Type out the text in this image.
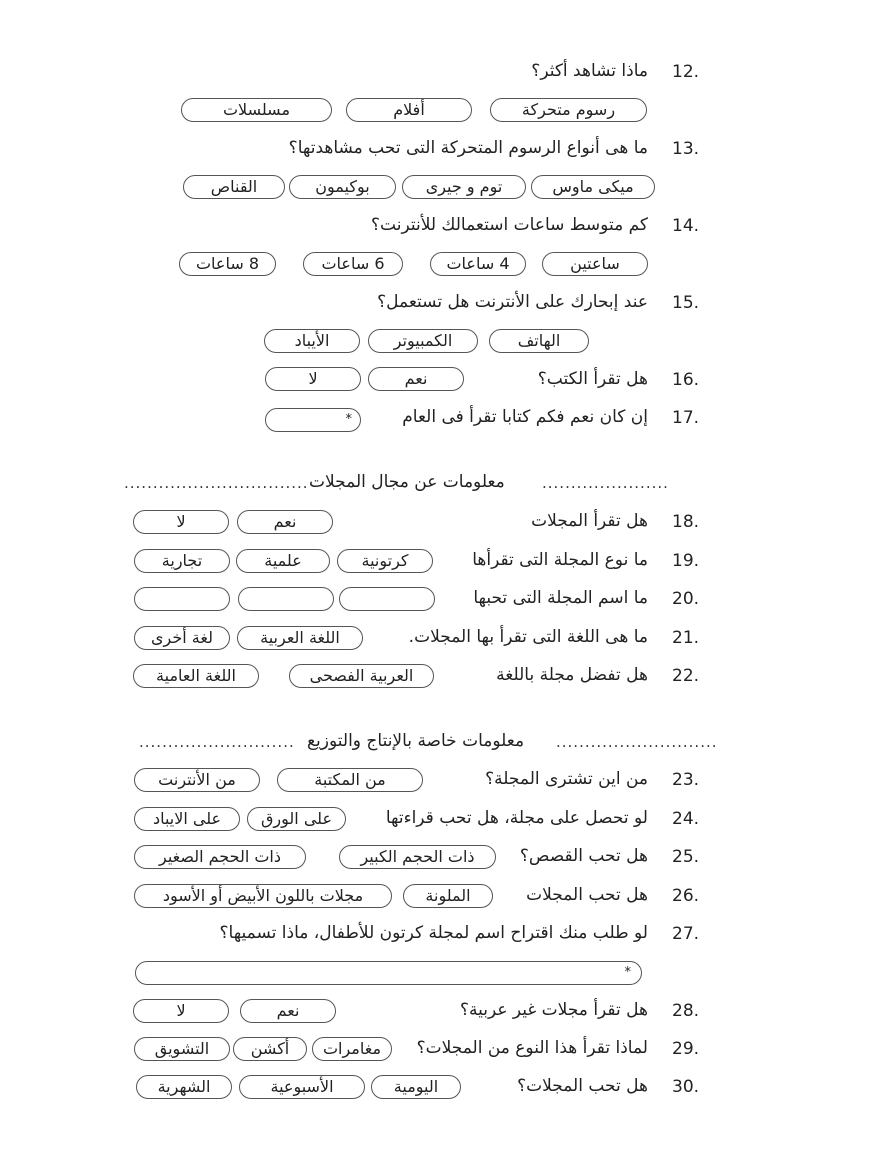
12.
ماذا تشاهد أكثر؟
رسوم متحركة
أفلام
مسلسلات
13.
ما هى أنواع الرسوم المتحركة التى تحب مشاهدتها؟
ميكى ماوس
توم و جيرى
بوكيمون
القناص
14.
كم متوسط ساعات استعمالك للأنترنت؟
ساعتين
4 ساعات
6 ساعات
8 ساعات
15.
عند إبحارك على الأنترنت هل تستعمل؟
الهاتف
الكمبيوتر
الأيباد
16.
هل تقرأ الكتب؟
نعم
لا
17.
إن كان نعم فكم كتابا تقرأ فى العام
*
......................
معلومات عن مجال المجلات
................................
18.
هل تقرأ المجلات
نعم
لا
19.
ما نوع المجلة التى تقرأها
كرتونية
علمية
تجارية
20.
ما اسم المجلة التى تحبها
21.
ما هى اللغة التى تقرأ بها المجلات.
اللغة العربية
لغة أخرى
22.
هل تفضل مجلة باللغة
العربية الفصحى
اللغة العامية
............................
معلومات خاصة بالإنتاج والتوزيع
...........................
23.
من اين تشترى المجلة؟
من المكتبة
من الأنترنت
24.
لو تحصل على مجلة، هل تحب قراءتها
على الورق
على الايباد
25.
هل تحب القصص؟
ذات الحجم الكبير
ذات الحجم الصغير
26.
هل تحب المجلات
الملونة
مجلات باللون الأبيض أو الأسود
27.
لو طلب منك اقتراح اسم لمجلة كرتون للأطفال، ماذا تسميها؟
*
28.
هل تقرأ مجلات غير عربية؟
نعم
لا
29.
لماذا تقرأ هذا النوع من المجلات؟
مغامرات
أكشن
التشويق
30.
هل تحب المجلات؟
اليومية
الأسبوعية
الشهرية
